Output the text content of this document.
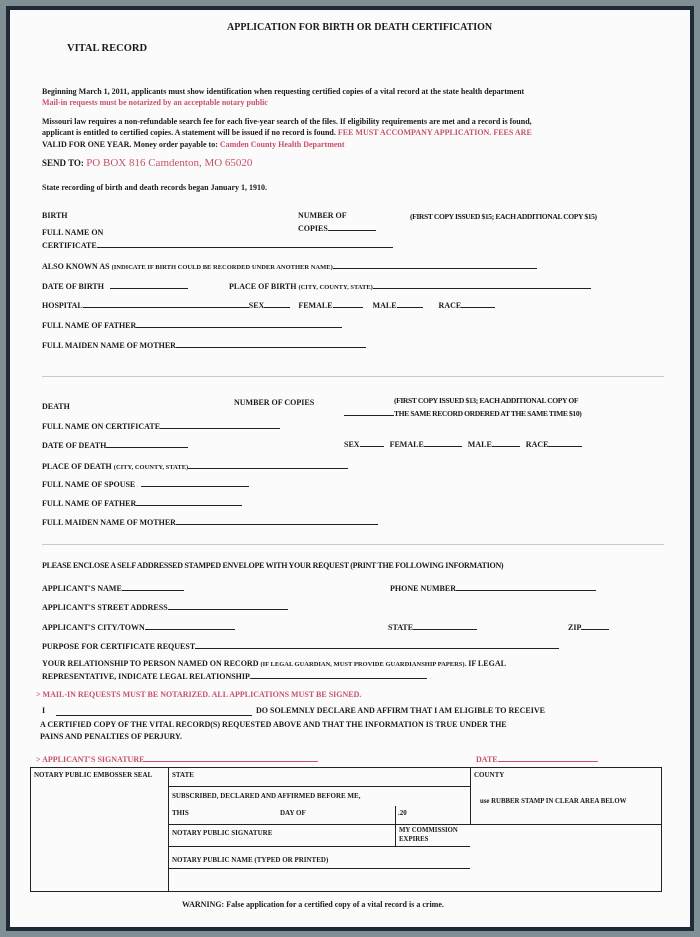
APPLICATION FOR BIRTH OR DEATH CERTIFICATION
VITAL RECORD
Beginning March 1, 2011, applicants must show identification when requesting certified copies of a vital record at the state health department
Mail-in requests must be notarized by an acceptable notary public
Missouri law requires a non-refundable search fee for each five-year search of the files. If eligibility requirements are met and a record is found,
applicant is entitled to certified copies. A statement will be issued if no record is found. FEE MUST ACCOMPANY APPLICATION. FEES ARE
VALID FOR ONE YEAR. Money order payable to: Camden County Health Department
SEND TO: PO BOX 816 Camdenton, MO 65020
State recording of birth and death records began January 1, 1910.
BIRTH	NUMBER OF
COPIES
(FIRST COPY ISSUED $15; EACH ADDITIONAL COPY $15)
FULL NAME ON
CERTIFICATE
ALSO KNOWN AS (INDICATE IF BIRTH COULD BE RECORDED UNDER ANOTHER NAME)
DATE OF BIRTH	PLACE OF BIRTH (CITY, COUNTY, STATE)
HOSPITAL	SEX	FEMALE	MALE	RACE
FULL NAME OF FATHER
FULL MAIDEN NAME OF MOTHER
(FIRST COPY ISSUED $13; EACH ADDITIONAL COPY OF
DEATH	NUMBER OF COPIES
THE SAME RECORD ORDERED AT THE SAME TIME $10)
FULL NAME ON CERTIFICATE
DATE OF DEATH	SEX	FEMALE	MALE	RACE
PLACE OF DEATH (CITY, COUNTY, STATE)
FULL NAME OF SPOUSE
FULL NAME OF FATHER
FULL MAIDEN NAME OF MOTHER
PLEASE ENCLOSE A SELF ADDRESSED STAMPED ENVELOPE WITH YOUR REQUEST (PRINT THE FOLLOWING INFORMATION)
APPLICANT'S NAME	PHONE NUMBER
APPLICANT'S STREET ADDRESS
APPLICANT'S CITY/TOWN	STATE	ZIP
PURPOSE FOR CERTIFICATE REQUEST
YOUR RELATIONSHIP TO PERSON NAMED ON RECORD (IF LEGAL GUARDIAN, MUST PROVIDE GUARDIANSHIP PAPERS). IF LEGAL
REPRESENTATIVE, INDICATE LEGAL RELATIONSHIP.
> MAIL-IN REQUESTS MUST BE NOTARIZED. ALL APPLICATIONS MUST BE SIGNED.
I	DO SOLEMNLY DECLARE AND AFFIRM THAT I AM ELIGIBLE TO RECEIVE
A CERTIFIED COPY OF THE VITAL RECORD(S) REQUESTED ABOVE AND THAT THE INFORMATION IS TRUE UNDER THE
PAINS AND PENALTIES OF PERJURY.
> APPLICANT'S SIGNATURE	DATE
NOTARY PUBLIC EMBOSSER SEAL	STATE	COUNTY
SUBSCRIBED, DECLARED AND AFFIRMED BEFORE ME,
THIS	DAY OF	.20
use RUBBER STAMP IN CLEAR AREA BELOW
NOTARY PUBLIC SIGNATURE	MY COMMISSION
EXPIRES
NOTARY PUBLIC NAME (TYPED OR PRINTED)
WARNING: False application for a certified copy of a vital record is a crime.
